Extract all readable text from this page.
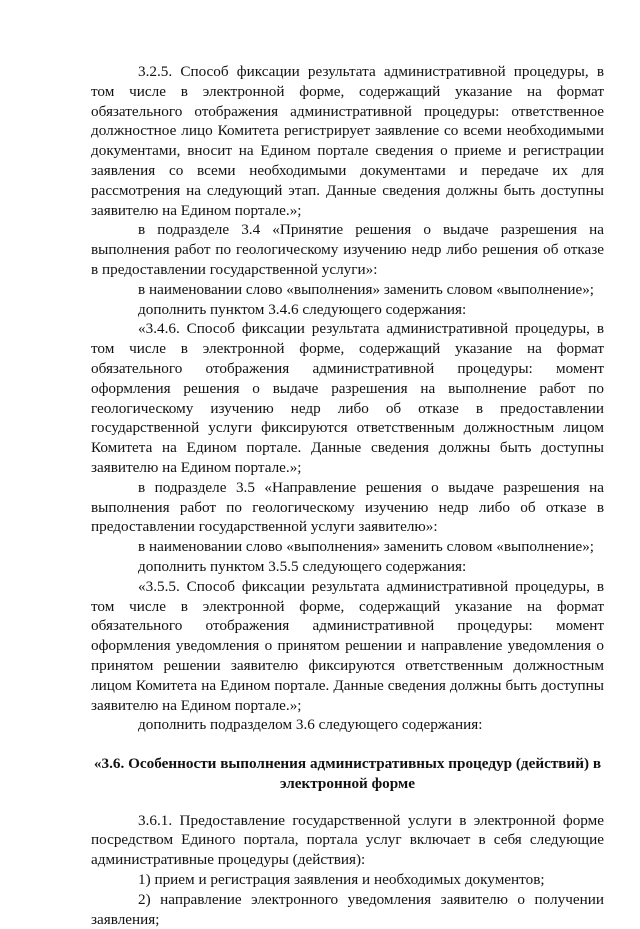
3.2.5. Способ фиксации результата административной процедуры, в том числе в электронной форме, содержащий указание на формат обязательного отображения административной процедуры: ответственное должностное лицо Комитета регистрирует заявление со всеми необходимыми документами, вносит на Едином портале сведения о приеме и регистрации заявления со всеми необходимыми документами и передаче их для рассмотрения на следующий этап. Данные сведения должны быть доступны заявителю на Едином портале.»;

в подразделе 3.4 «Принятие решения о выдаче разрешения на выполнения работ по геологическому изучению недр либо решения об отказе в предоставлении государственной услуги»:

в наименовании слово «выполнения» заменить словом «выполнение»;

дополнить пунктом 3.4.6 следующего содержания:

«3.4.6. Способ фиксации результата административной процедуры, в том числе в электронной форме, содержащий указание на формат обязательного отображения административной процедуры: момент оформления решения о выдаче разрешения на выполнение работ по геологическому изучению недр либо об отказе в предоставлении государственной услуги фиксируются ответственным должностным лицом Комитета на Едином портале. Данные сведения должны быть доступны заявителю на Едином портале.»;

в подразделе 3.5 «Направление решения о выдаче разрешения на выполнения работ по геологическому изучению недр либо об отказе в предоставлении государственной услуги заявителю»:

в наименовании слово «выполнения» заменить словом «выполнение»;

дополнить пунктом 3.5.5 следующего содержания:

«3.5.5. Способ фиксации результата административной процедуры, в том числе в электронной форме, содержащий указание на формат обязательного отображения административной процедуры: момент оформления уведомления о принятом решении и направление уведомления о принятом решении заявителю фиксируются ответственным должностным лицом Комитета на Едином портале. Данные сведения должны быть доступны заявителю на Едином портале.»;

дополнить подразделом 3.6 следующего содержания:

«3.6. Особенности выполнения административных процедур (действий) в электронной форме

3.6.1. Предоставление государственной услуги в электронной форме посредством Единого портала, портала услуг включает в себя следующие административные процедуры (действия):

1) прием и регистрация заявления и необходимых документов;

2) направление электронного уведомления заявителю о получении заявления;
